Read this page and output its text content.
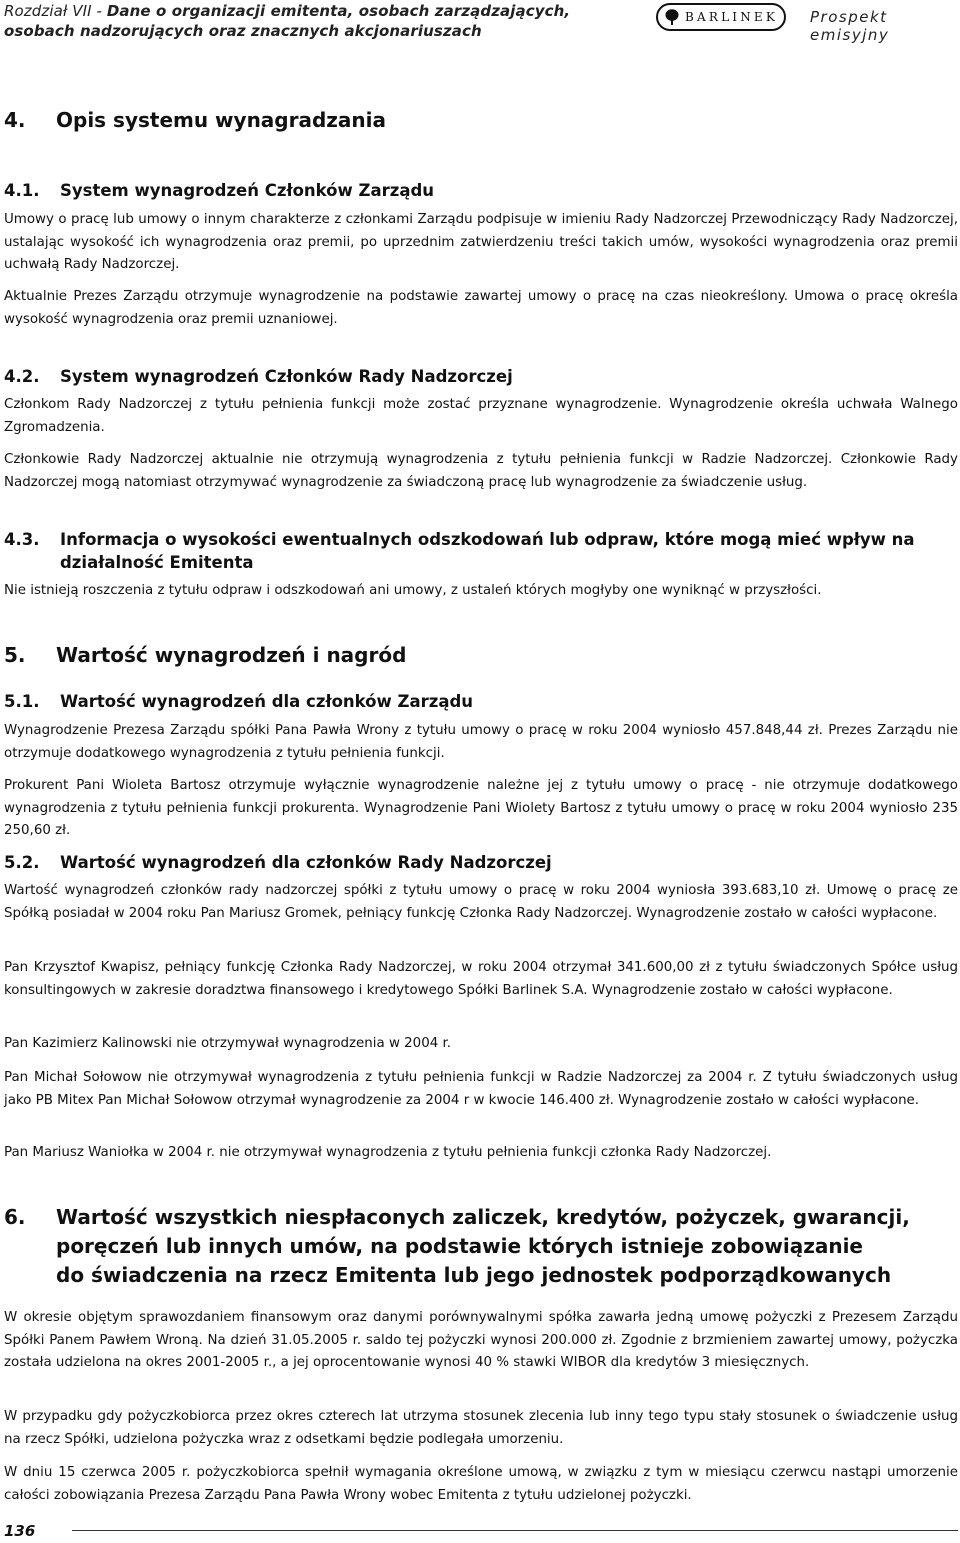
Rozdział VII - Dane o organizacji emitenta, osobach zarządzających,
osobach nadzorujących oraz znacznych akcjonariuszach
BARLINEK Prospekt emisyjny
4. Opis systemu wynagradzania
4.1. System wynagrodzeń Członków Zarządu

Umowy o pracę lub umowy o innym charakterze z członkami Zarządu podpisuje w imieniu Rady Nadzorczej Przewodniczący Rady Nadzorczej, ustalając wysokość ich wynagrodzenia oraz premii, po uprzednim zatwierdzeniu treści takich umów, wysokości wynagrodzenia oraz premii uchwałą Rady Nadzorczej.

Aktualnie Prezes Zarządu otrzymuje wynagrodzenie na podstawie zawartej umowy o pracę na czas nieokreślony. Umowa o pracę określa wysokość wynagrodzenia oraz premii uznaniowej.

4.2. System wynagrodzeń Członków Rady Nadzorczej

Członkom Rady Nadzorczej z tytułu pełnienia funkcji może zostać przyznane wynagrodzenie. Wynagrodzenie określa uchwała Walnego Zgromadzenia.

Członkowie Rady Nadzorczej aktualnie nie otrzymują wynagrodzenia z tytułu pełnienia funkcji w Radzie Nadzorczej. Członkowie Rady Nadzorczej mogą natomiast otrzymywać wynagrodzenie za świadczoną pracę lub wynagrodzenie za świadczenie usług.

4.3. Informacja o wysokości ewentualnych odszkodowań lub odpraw, które mogą mieć wpływ na działalność Emitenta

Nie istnieją roszczenia z tytułu odpraw i odszkodowań ani umowy, z ustaleń których mogłyby one wyniknąć w przyszłości.

5. Wartość wynagrodzeń i nagród
5.1. Wartość wynagrodzeń dla członków Zarządu

Wynagrodzenie Prezesa Zarządu spółki Pana Pawła Wrony z tytułu umowy o pracę w roku 2004 wyniosło 457.848,44 zł. Prezes Zarządu nie otrzymuje dodatkowego wynagrodzenia z tytułu pełnienia funkcji.

Prokurent Pani Wioleta Bartosz otrzymuje wyłącznie wynagrodzenie należne jej z tytułu umowy o pracę - nie otrzymuje dodatkowego wynagrodzenia z tytułu pełnienia funkcji prokurenta. Wynagrodzenie Pani Wiolety Bartosz z tytułu umowy o pracę w roku 2004 wyniosło 235 250,60 zł.

5.2. Wartość wynagrodzeń dla członków Rady Nadzorczej

Wartość wynagrodzeń członków rady nadzorczej spółki z tytułu umowy o pracę w roku 2004 wyniosła 393.683,10 zł. Umowę o pracę ze Spółką posiadał w 2004 roku Pan Mariusz Gromek, pełniący funkcję Członka Rady Nadzorczej. Wynagrodzenie zostało w całości wypłacone.

Pan Krzysztof Kwapisz, pełniący funkcję Członka Rady Nadzorczej, w roku 2004 otrzymał 341.600,00 zł z tytułu świadczonych Spółce usług konsultingowych w zakresie doradztwa finansowego i kredytowego Spółki Barlinek S.A. Wynagrodzenie zostało w całości wypłacone.

Pan Kazimierz Kalinowski nie otrzymywał wynagrodzenia w 2004 r.

Pan Michał Sołowow nie otrzymywał wynagrodzenia z tytułu pełnienia funkcji w Radzie Nadzorczej za 2004 r. Z tytułu świadczonych usług jako PB Mitex Pan Michał Sołowow otrzymał wynagrodzenie za 2004 r w kwocie 146.400 zł. Wynagrodzenie zostało w całości wypłacone.

Pan Mariusz Waniołka w 2004 r. nie otrzymywał wynagrodzenia z tytułu pełnienia funkcji członka Rady Nadzorczej.

6. Wartość wszystkich niespłaconych zaliczek, kredytów, pożyczek, gwarancji,
poręczeń lub innych umów, na podstawie których istnieje zobowiązanie
do świadczenia na rzecz Emitenta lub jego jednostek podporządkowanych

W okresie objętym sprawozdaniem finansowym oraz danymi porównywalnymi spółka zawarła jedną umowę pożyczki z Prezesem Zarządu Spółki Panem Pawłem Wroną. Na dzień 31.05.2005 r. saldo tej pożyczki wynosi 200.000 zł. Zgodnie z brzmieniem zawartej umowy, pożyczka została udzielona na okres 2001-2005 r., a jej oprocentowanie wynosi 40 % stawki WIBOR dla kredytów 3 miesięcznych.

W przypadku gdy pożyczkobiorca przez okres czterech lat utrzyma stosunek zlecenia lub inny tego typu stały stosunek o świadczenie usług na rzecz Spółki, udzielona pożyczka wraz z odsetkami będzie podlegała umorzeniu.

W dniu 15 czerwca 2005 r. pożyczkobiorca spełnił wymagania określone umową, w związku z tym w miesiącu czerwcu nastąpi umorzenie całości zobowiązania Prezesa Zarządu Pana Pawła Wrony wobec Emitenta z tytułu udzielonej pożyczki.

136
